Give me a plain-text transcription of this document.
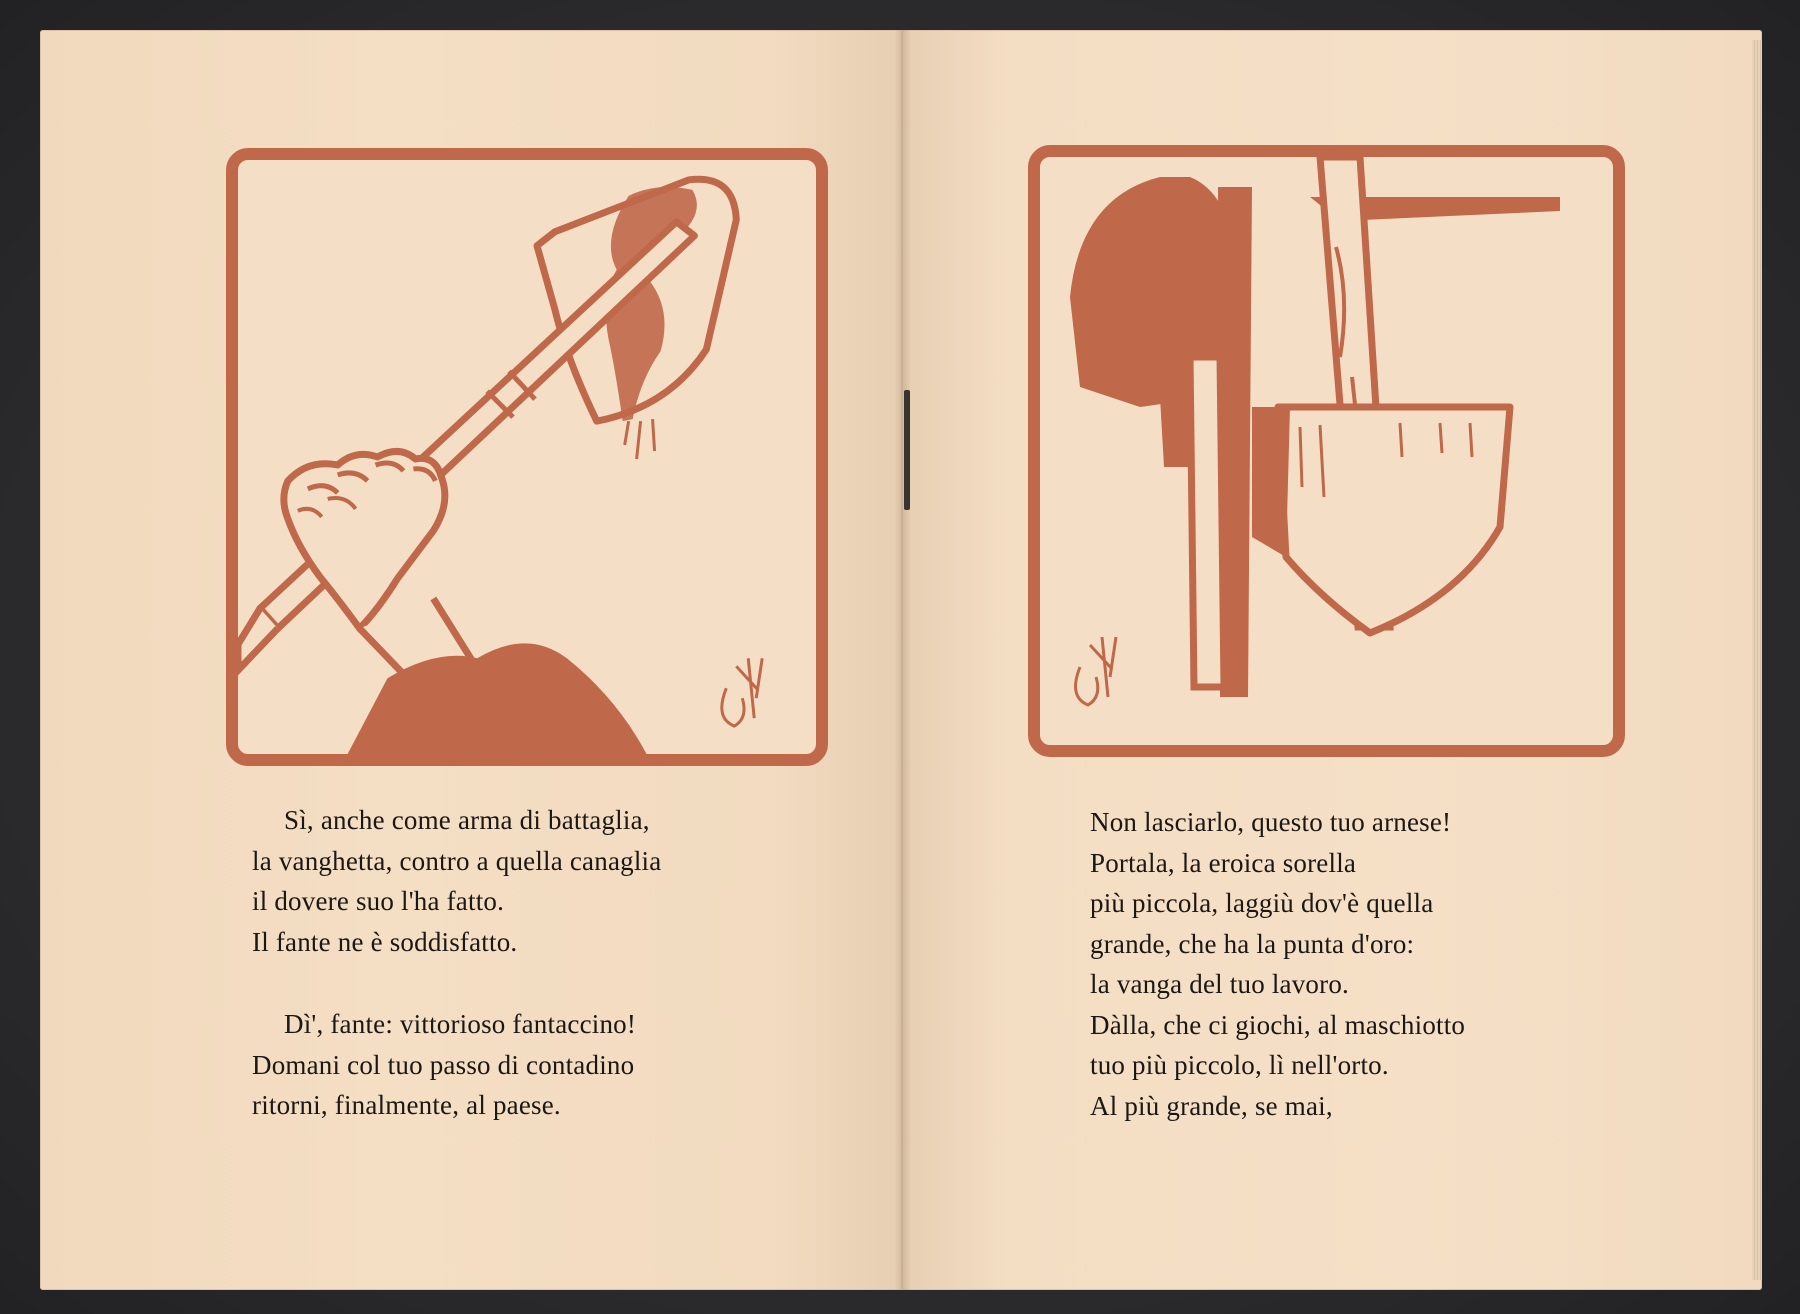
Sì, anche come arma di battaglia,
la vanghetta, contro a quella canaglia
il dovere suo l'ha fatto.
Il fante ne è soddisfatto.
Dì', fante: vittorioso fantaccino!
Domani col tuo passo di contadino
ritorni, finalmente, al paese.
Non lasciarlo, questo tuo arnese!
Portala, la eroica sorella
più piccola, laggiù dov'è quella
grande, che ha la punta d'oro:
la vanga del tuo lavoro.
Dàlla, che ci giochi, al maschiotto
tuo più piccolo, lì nell'orto.
Al più grande, se mai,
